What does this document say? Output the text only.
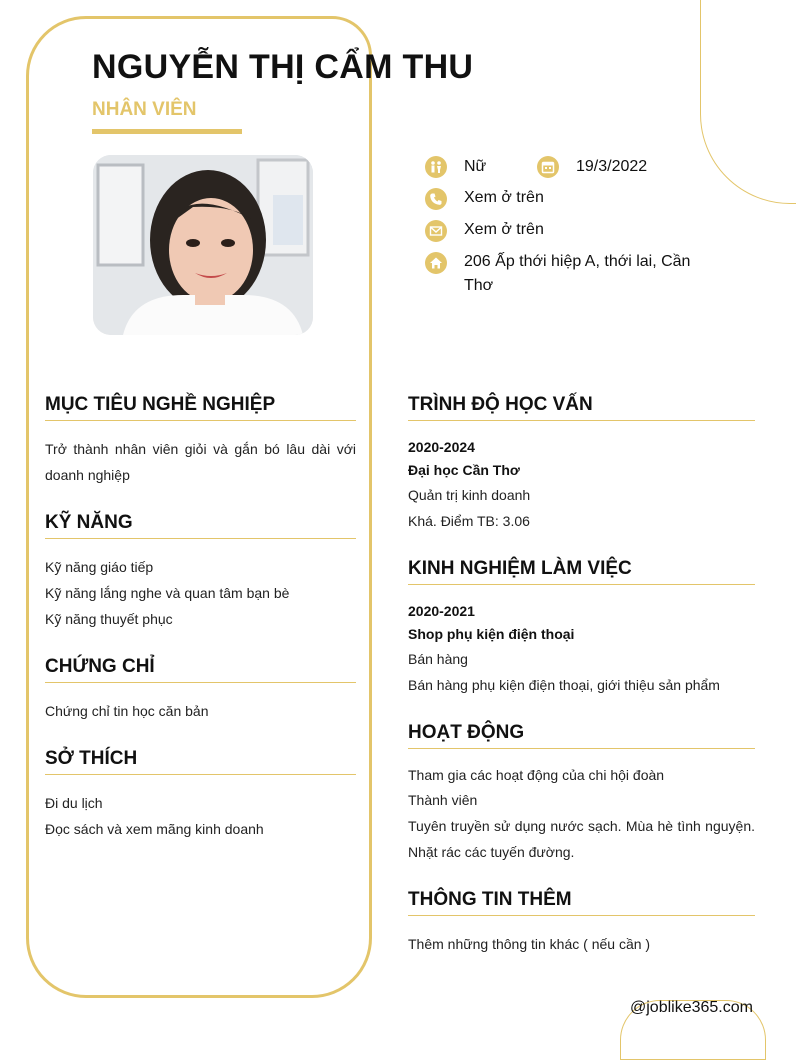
NGUYỄN THỊ CẨM THU
NHÂN VIÊN
Nữ	19/3/2022
Xem ở trên
Xem ở trên
206 Ấp thới hiệp A, thới lai, Cần Thơ
MỤC TIÊU NGHỀ NGHIỆP
Trở thành nhân viên giỏi và gắn bó lâu dài với doanh nghiệp
KỸ NĂNG
Kỹ năng giáo tiếp
Kỹ năng lắng nghe và quan tâm bạn bè
Kỹ năng thuyết phục
CHỨNG CHỈ
Chứng chỉ tin học căn bản
SỞ THÍCH
Đi du lịch
Đọc sách và xem mãng kinh doanh
TRÌNH ĐỘ HỌC VẤN
2020-2024
Đại học Cần Thơ
Quản trị kinh doanh
Khá. Điểm TB: 3.06
KINH NGHIỆM LÀM VIỆC
2020-2021
Shop phụ kiện điện thoại
Bán hàng
Bán hàng phụ kiện điện thoại, giới thiệu sản phẩm
HOẠT ĐỘNG
Tham gia các hoạt động của chi hội đoàn
Thành viên
Tuyên truyền sử dụng nước sạch. Mùa hè tình nguyện. Nhặt rác các tuyến đường.
THÔNG TIN THÊM
Thêm những thông tin khác ( nếu cần )
@joblike365.com
